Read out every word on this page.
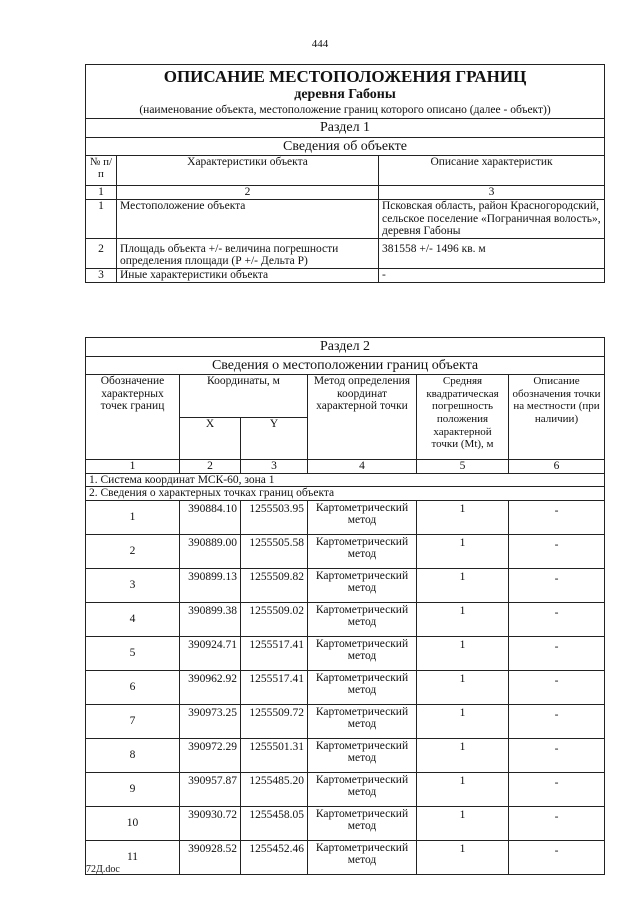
444
ОПИСАНИЕ МЕСТОПОЛОЖЕНИЯ ГРАНИЦ
деревня Габоны
(наименование объекта, местоположение границ которого описано (далее - объект))		

Раздел 1		
Сведения об объекте		
№ п/п	Характеристики объекта	Описание характеристик
1	2	3
1	Местоположение объекта	Псковская область, район Красногородский, сельское поселение «Пограничная волость», деревня Габоны
2	Площадь объекта +/- величина погрешности определения площади (Р +/- Дельта Р)	381558 +/- 1496 кв. м
3	Иные характеристики объекта	-
Раздел 2					
Сведения о местоположении границ объекта					
Обозначение характерных точек границ	Координаты, м		Метод определения координат характерной точки	Средняя квадратическая погрешность положения характерной точки (Mt), м	Описание обозначения точки на местности (при наличии)
	X	Y			
1	2	3	4	5	6
1. Система координат МСК-60, зона 1					
2. Сведения о характерных точках границ объекта					
1	390884.10	1255503.95	Картометрический метод	1	-
2	390889.00	1255505.58	Картометрический метод	1	-
3	390899.13	1255509.82	Картометрический метод	1	-
4	390899.38	1255509.02	Картометрический метод	1	-
5	390924.71	1255517.41	Картометрический метод	1	-
6	390962.92	1255517.41	Картометрический метод	1	-
7	390973.25	1255509.72	Картометрический метод	1	-
8	390972.29	1255501.31	Картометрический метод	1	-
9	390957.87	1255485.20	Картометрический метод	1	-
10	390930.72	1255458.05	Картометрический метод	1	-
11	390928.52	1255452.46	Картометрический метод	1	-
72Д.doc
